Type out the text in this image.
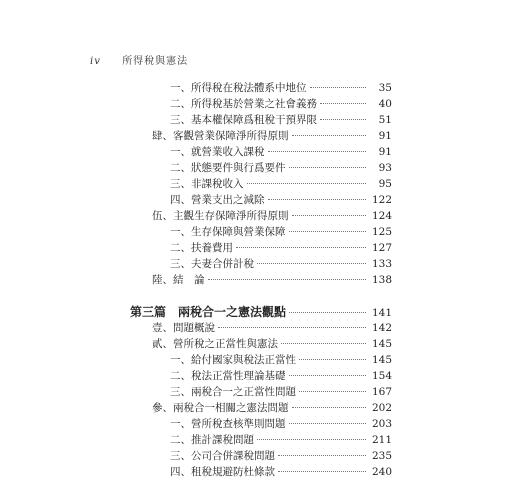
iv 所得稅與憲法
一、所得稅在稅法體系中地位	35
二、所得稅基於營業之社會義務	40
三、基本權保障爲租稅干預界限	51
肆、客觀營業保障淨所得原則	91
一、就營業收入課稅	91
二、狀態要件與行爲要件	93
三、非課稅收入	95
四、營業支出之減除	122
伍、主觀生存保障淨所得原則	124
一、生存保障與營業保障	125
二、扶養費用	127
三、夫妻合併計稅	133
陸、結　論	138
第三篇 兩稅合一之憲法觀點	141
壹、問題概說	142
貳、營所稅之正當性與憲法	145
一、給付國家與稅法正當性	145
二、稅法正當性理論基礎	154
三、兩稅合一之正當性問題	167
參、兩稅合一相關之憲法問題	202
一、營所稅查核準則問題	203
二、推計課稅問題	211
三、公司合併課稅問題	235
四、租稅規避防杜條款	240
